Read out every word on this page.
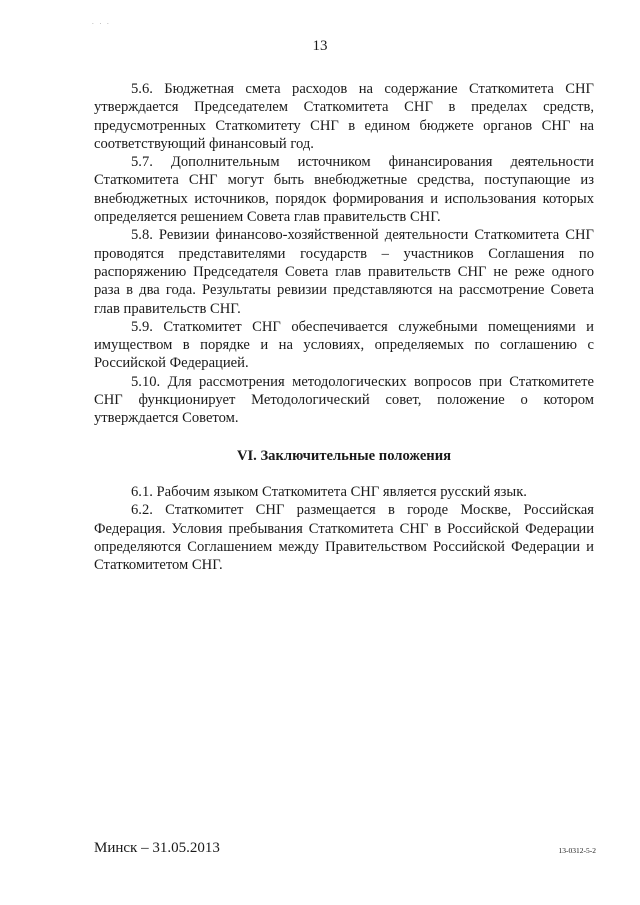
. . .
13

5.6. Бюджетная смета расходов на содержание Статкомитета СНГ утверждается Председателем Статкомитета СНГ в пределах средств, предусмотренных Статкомитету СНГ в едином бюджете органов СНГ на соответствующий финансовый год.

5.7. Дополнительным источником финансирования деятельности Статкомитета СНГ могут быть внебюджетные средства, поступающие из внебюджетных источников, порядок формирования и использования которых определяется решением Совета глав правительств СНГ.

5.8. Ревизии финансово-хозяйственной деятельности Статкомитета СНГ проводятся представителями государств – участников Соглашения по распоряжению Председателя Совета глав правительств СНГ не реже одного раза в два года. Результаты ревизии представляются на рассмотрение Совета глав правительств СНГ.

5.9. Статкомитет СНГ обеспечивается служебными помещениями и имуществом в порядке и на условиях, определяемых по соглашению с Российской Федерацией.

5.10. Для рассмотрения методологических вопросов при Статкомитете СНГ функционирует Методологический совет, положение о котором утверждается Советом.

VI. Заключительные положения

6.1. Рабочим языком Статкомитета СНГ является русский язык.

6.2. Статкомитет СНГ размещается в городе Москве, Российская Федерация. Условия пребывания Статкомитета СНГ в Российской Федерации определяются Соглашением между Правительством Российской Федерации и Статкомитетом СНГ.

Минск – 31.05.2013	13-0312-5-2
